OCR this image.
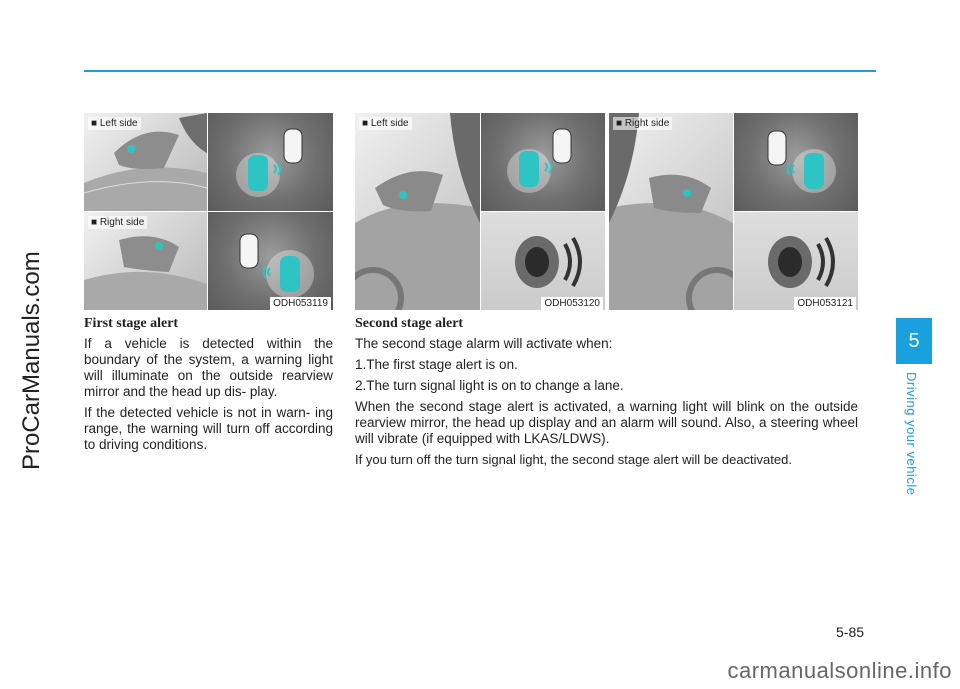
ProCarManuals.com	5
Driving your vehicle
■ Left side
■ Right side
ODH053119
■ Left side
ODH053120
■ Right side
ODH053121
First stage alert

If a vehicle is detected within the boundary of the system, a warning light will illuminate on the outside rearview mirror and the head up dis- play.

If the detected vehicle is not in warn- ing range, the warning will turn off according to driving conditions.

Second stage alert

The second stage alarm will activate when:

1.The first stage alert is on.

2.The turn signal light is on to change a lane.

When the second stage alert is activated, a warning light will blink on the outside rearview mirror, the head up display and an alarm will sound. Also, a steering wheel will vibrate (if equipped with LKAS/LDWS).

If you turn off the turn signal light, the second stage alert will be deactivated.

5-85
carmanualsonline.info
